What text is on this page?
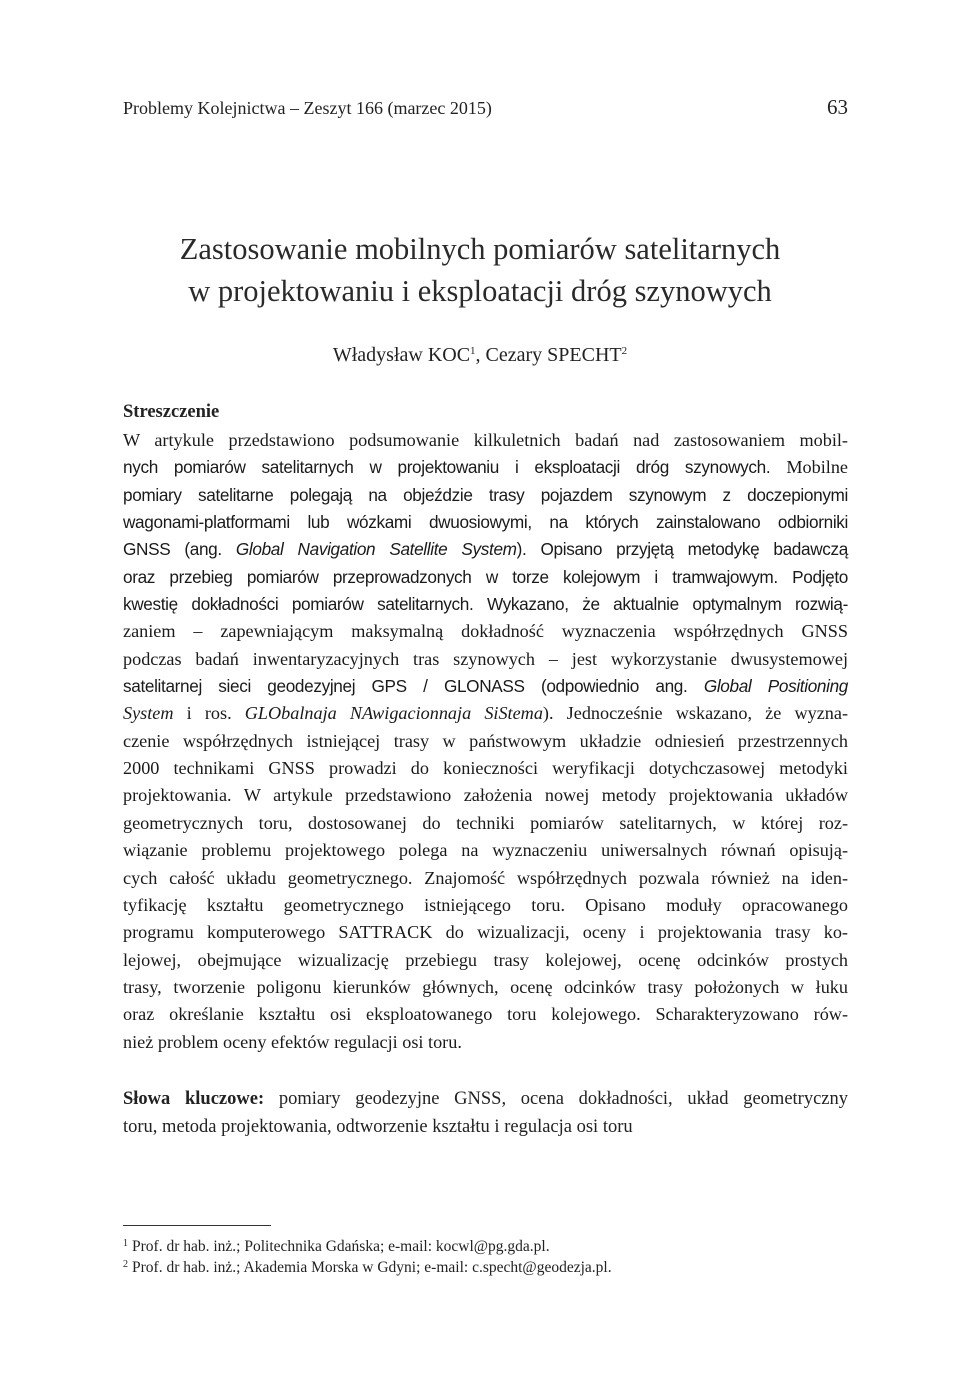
Problemy Kolejnictwa – Zeszyt 166 (marzec 2015)	63
Zastosowanie mobilnych pomiarów satelitarnych
w projektowaniu i eksploatacji dróg szynowych
Władysław KOC$^1$, Cezary SPECHT$^2$
Streszczenie
W artykule przedstawiono podsumowanie kilkuletnich badań nad zastosowaniem mobil-
nych pomiarów satelitarnych w projektowaniu i eksploatacji dróg szynowych. Mobilne
pomiary satelitarne polegają na objeździe trasy pojazdem szynowym z doczepionymi
wagonami-platformami lub wózkami dwuosiowymi, na których zainstalowano odbiorniki
GNSS (ang. Global Navigation Satellite System). Opisano przyjętą metodykę badawczą
oraz przebieg pomiarów przeprowadzonych w torze kolejowym i tramwajowym. Podjęto
kwestię dokładności pomiarów satelitarnych. Wykazano, że aktualnie optymalnym rozwią-
zaniem – zapewniającym maksymalną dokładność wyznaczenia współrzędnych GNSS
podczas badań inwentaryzacyjnych tras szynowych – jest wykorzystanie dwusystemowej
satelitarnej sieci geodezyjnej GPS / GLONASS (odpowiednio ang. Global Positioning
System i ros. GLObalnaja NAwigacionnaja SiStema). Jednocześnie wskazano, że wyzna-
czenie współrzędnych istniejącej trasy w państwowym układzie odniesień przestrzennych
2000 technikami GNSS prowadzi do konieczności weryfikacji dotychczasowej metodyki
projektowania. W artykule przedstawiono założenia nowej metody projektowania układów
geometrycznych toru, dostosowanej do techniki pomiarów satelitarnych, w której roz-
wiązanie problemu projektowego polega na wyznaczeniu uniwersalnych równań opisują-
cych całość układu geometrycznego. Znajomość współrzędnych pozwala również na iden-
tyfikację kształtu geometrycznego istniejącego toru. Opisano moduły opracowanego
programu komputerowego SATTRACK do wizualizacji, oceny i projektowania trasy ko-
lejowej, obejmujące wizualizację przebiegu trasy kolejowej, ocenę odcinków prostych
trasy, tworzenie poligonu kierunków głównych, ocenę odcinków trasy położonych w łuku
oraz określanie kształtu osi eksploatowanego toru kolejowego. Scharakteryzowano rów-
nież problem oceny efektów regulacji osi toru.
Słowa kluczowe: pomiary geodezyjne GNSS, ocena dokładności, układ geometryczny
toru, metoda projektowania, odtworzenie kształtu i regulacja osi toru
$^1$ Prof. dr hab. inż.; Politechnika Gdańska; e-mail: kocwl@pg.gda.pl.
$^2$ Prof. dr hab. inż.; Akademia Morska w Gdyni; e-mail: c.specht@geodezja.pl.
